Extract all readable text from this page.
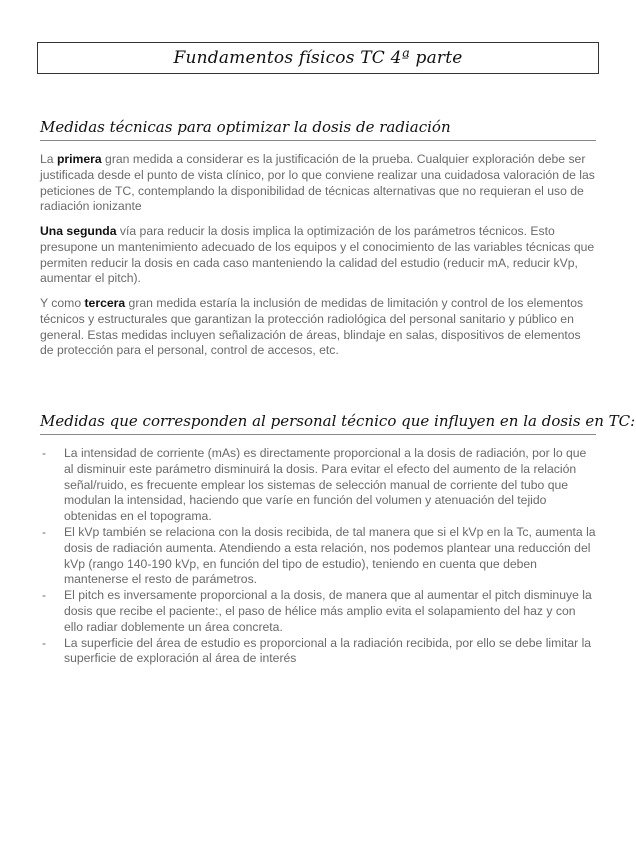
Fundamentos físicos TC 4ª parte
Medidas técnicas para optimizar la dosis de radiación

La primera gran medida a considerar es la justificación de la prueba. Cualquier exploración debe ser justificada desde el punto de vista clínico, por lo que conviene realizar una cuidadosa valoración de las peticiones de TC, contemplando la disponibilidad de técnicas alternativas que no requieran el uso de radiación ionizante

Una segunda vía para reducir la dosis implica la optimización de los parámetros técnicos. Esto presupone un mantenimiento adecuado de los equipos y el conocimiento de las variables técnicas que permiten reducir la dosis en cada caso manteniendo la calidad del estudio (reducir mA, reducir kVp, aumentar el pitch).

Y como tercera gran medida estaría la inclusión de medidas de limitación y control de los elementos técnicos y estructurales que garantizan la protección radiológica del personal sanitario y público en general. Estas medidas incluyen señalización de áreas, blindaje en salas, dispositivos de elementos de protección para el personal, control de accesos, etc.

Medidas que corresponden al personal técnico que influyen en la dosis en TC:
- La intensidad de corriente (mAs) es directamente proporcional a la dosis de radiación, por lo que al disminuir este parámetro disminuirá la dosis. Para evitar el efecto del aumento de la relación señal/ruido, es frecuente emplear los sistemas de selección manual de corriente del tubo que modulan la intensidad, haciendo que varíe en función del volumen y atenuación del tejido obtenidas en el topograma.
- El kVp también se relaciona con la dosis recibida, de tal manera que si el kVp en la Tc, aumenta la dosis de radiación aumenta. Atendiendo a esta relación, nos podemos plantear una reducción del kVp (rango 140-190 kVp, en función del tipo de estudio), teniendo en cuenta que deben mantenerse el resto de parámetros.
- El pitch es inversamente proporcional a la dosis, de manera que al aumentar el pitch disminuye la dosis que recibe el paciente:, el paso de hélice más amplio evita el solapamiento del haz y con ello radiar doblemente un área concreta.
- La superficie del área de estudio es proporcional a la radiación recibida, por ello se debe limitar la superficie de exploración al área de interés
